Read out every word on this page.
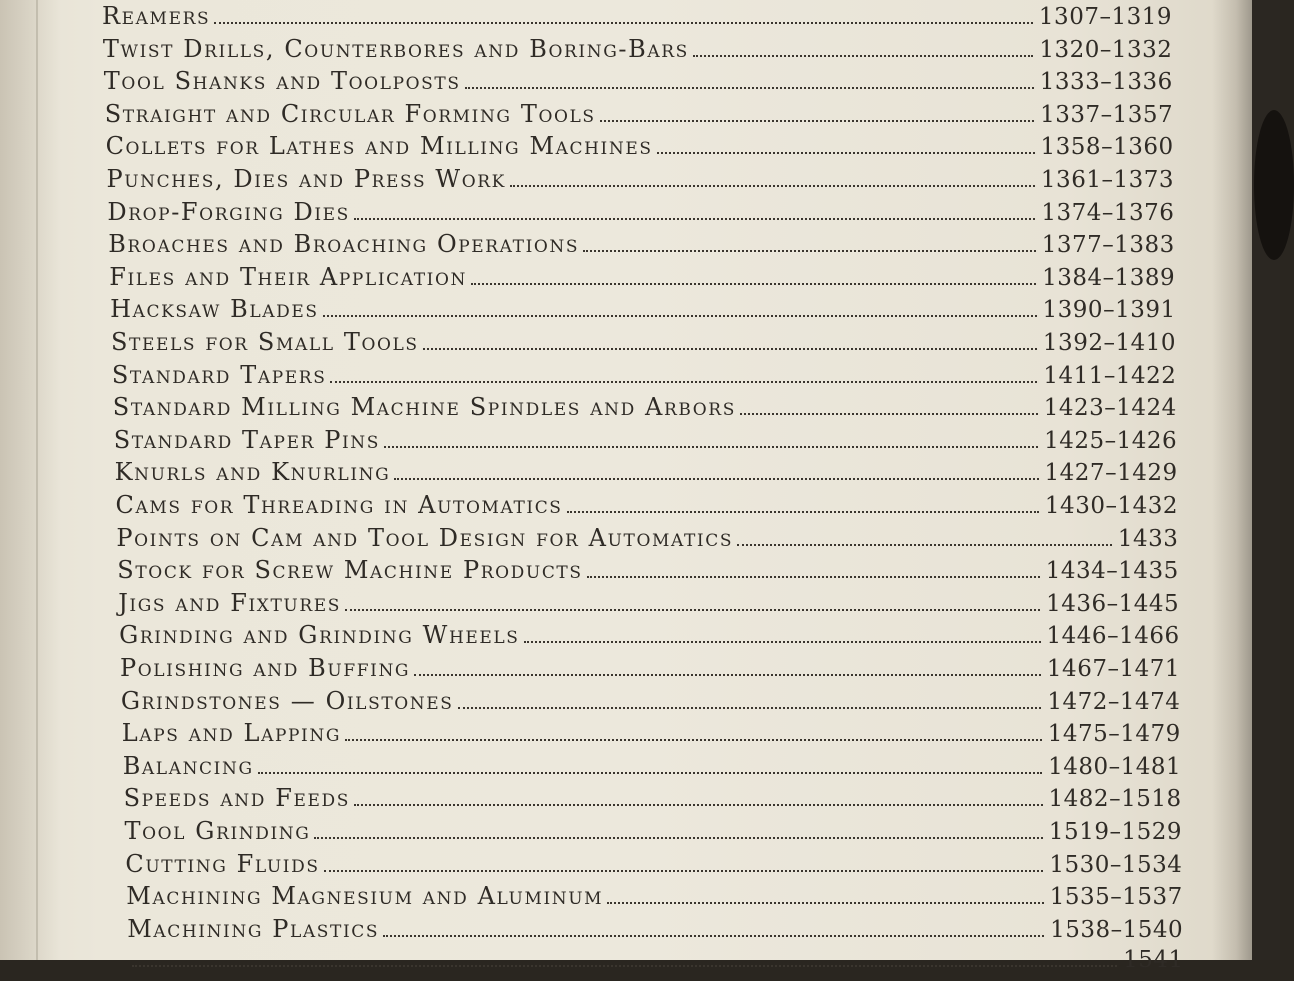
Reamers	1307–1319
Twist Drills, Counterbores and Boring-Bars	1320–1332
Tool Shanks and Toolposts	1333–1336
Straight and Circular Forming Tools	1337–1357
Collets for Lathes and Milling Machines	1358–1360
Punches, Dies and Press Work	1361–1373
Drop-Forging Dies	1374–1376
Broaches and Broaching Operations	1377–1383
Files and Their Application	1384–1389
Hacksaw Blades	1390–1391
Steels for Small Tools	1392–1410
Standard Tapers	1411–1422
Standard Milling Machine Spindles and Arbors	1423–1424
Standard Taper Pins	1425–1426
Knurls and Knurling	1427–1429
Cams for Threading in Automatics	1430–1432
Points on Cam and Tool Design for Automatics	1433
Stock for Screw Machine Products	1434–1435
Jigs and Fixtures	1436–1445
Grinding and Grinding Wheels	1446–1466
Polishing and Buffing	1467–1471
Grindstones — Oilstones	1472–1474
Laps and Lapping	1475–1479
Balancing	1480–1481
Speeds and Feeds	1482–1518
Tool Grinding	1519–1529
Cutting Fluids	1530–1534
Machining Magnesium and Aluminum	1535–1537
Machining Plastics	1538–1540
1541
